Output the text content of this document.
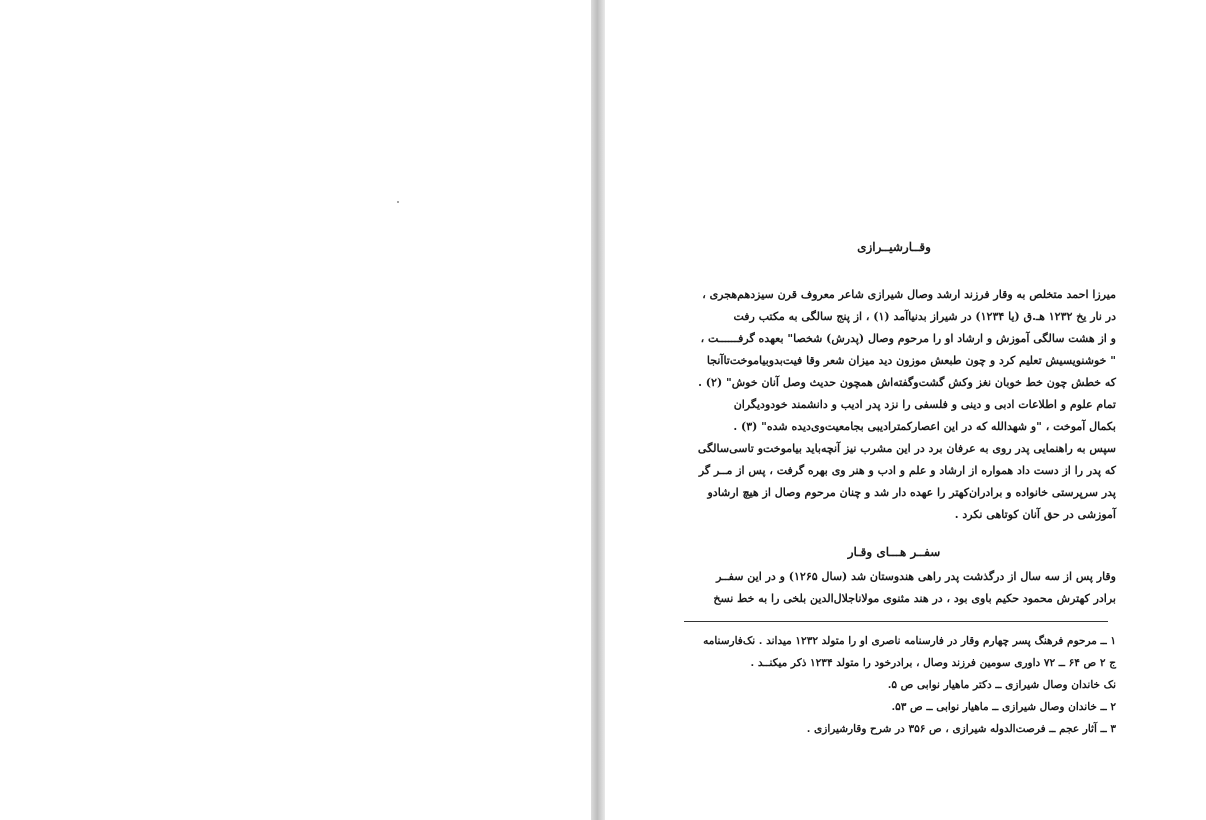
وقــارشیــرازی

میرزا احمد متخلص به وقار فرزند ارشد وصال شیرازی شاعر معروف قرن سیزدهم‌هجری ،

در نار یخ ۱۲۳۲ هـ.ق (یا ۱۲۳۴) در شیراز بدنیاآمد (۱) ، از پنج سالگی به مکتب رفت

و از هشت سالگی آموزش و ارشاد او را مرحوم وصال (پدرش) شخصا" بعهده گرفــــــت ،

" خوشنویسیش تعلیم کرد و چون طبعش موزون دید میزان شعر وقا فیت‌بدوبیاموخت‌تاآنجا

که خطش چون خط خوبان نغز وکش گشت‌وگفته‌اش همچون حدیث وصل آنان خوش" (۲) .

تمام علوم و اطلاعات ادبی و دینی و فلسفی را نزد پدر ادیب و دانشمند خودودیگران

بکمال آموخت ، "و شهدالله که در این اعصارکمترادیبی بجامعیت‌وی‌دیده شده" (۳) .

سپس به راهنمایی پدر روی به عرفان برد در این مشرب نیز آنچه‌باید بیاموخت‌و تاسی‌سالگی

که پدر را از دست داد همواره از ارشاد و علم و ادب و هنر وی بهره گرفت ، پس از مــر گر

پدر سرپرستی خانواده و برادران‌کهتر را عهده دار شد و چنان مرحوم وصال از هیچ ارشادو

آموزشی در حق آنان کوتاهی نکرد .

سفــر هـــای وقـار

وقار پس از سه سال از درگذشت پدر راهی هندوستان شد (سال ۱۲۶۵) و در این سفــر

برادر کهترش محمود حکیم باوی بود ، در هند مثنوی مولاناجلال‌الدین بلخی را به خط نسخ

۱ ــ مرحوم فرهنگ پسر چهارم وقار در فارسنامه ناصری او را متولد ۱۲۳۲ میداند . نک‌فارسنامه

ج ۲ ص ۶۴ ــ ۷۲ داوری سومین فرزند وصال ، برادرخود را متولد ۱۲۳۴ ذکر میکنــد .

نک خاندان وصال شیرازی ــ دکتر ماهیار نوابی ص ۵.

۲ ــ خاندان وصال شیرازی ــ ماهیار نوابی ــ ص ۵۳.

۳ ــ آثار عجم ــ فرصت‌الدوله شیرازی ، ص ۳۵۶ در شرح وقارشیرازی .
